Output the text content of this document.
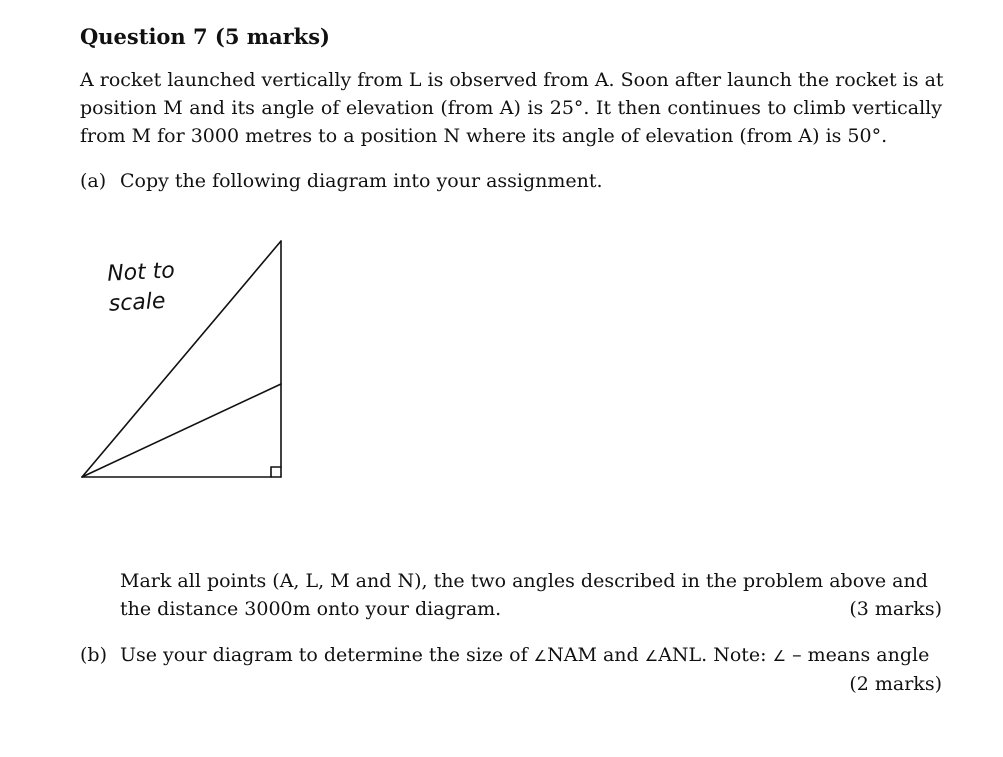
Question 7 (5 marks)
A rocket launched vertically from L is observed from A. Soon after launch the rocket is at
position M and its angle of elevation (from A) is 25°. It then continues to climb vertically
from M for 3000 metres to a position N where its angle of elevation (from A) is 50°.
(a) Copy the following diagram into your assignment.
Not to
scale
Mark all points (A, L, M and N), the two angles described in the problem above and
the distance 3000m onto your diagram.	(3 marks)
(b) Use your diagram to determine the size of ∠NAM and ∠ANL. Note: ∠ – means angle
(2 marks)
